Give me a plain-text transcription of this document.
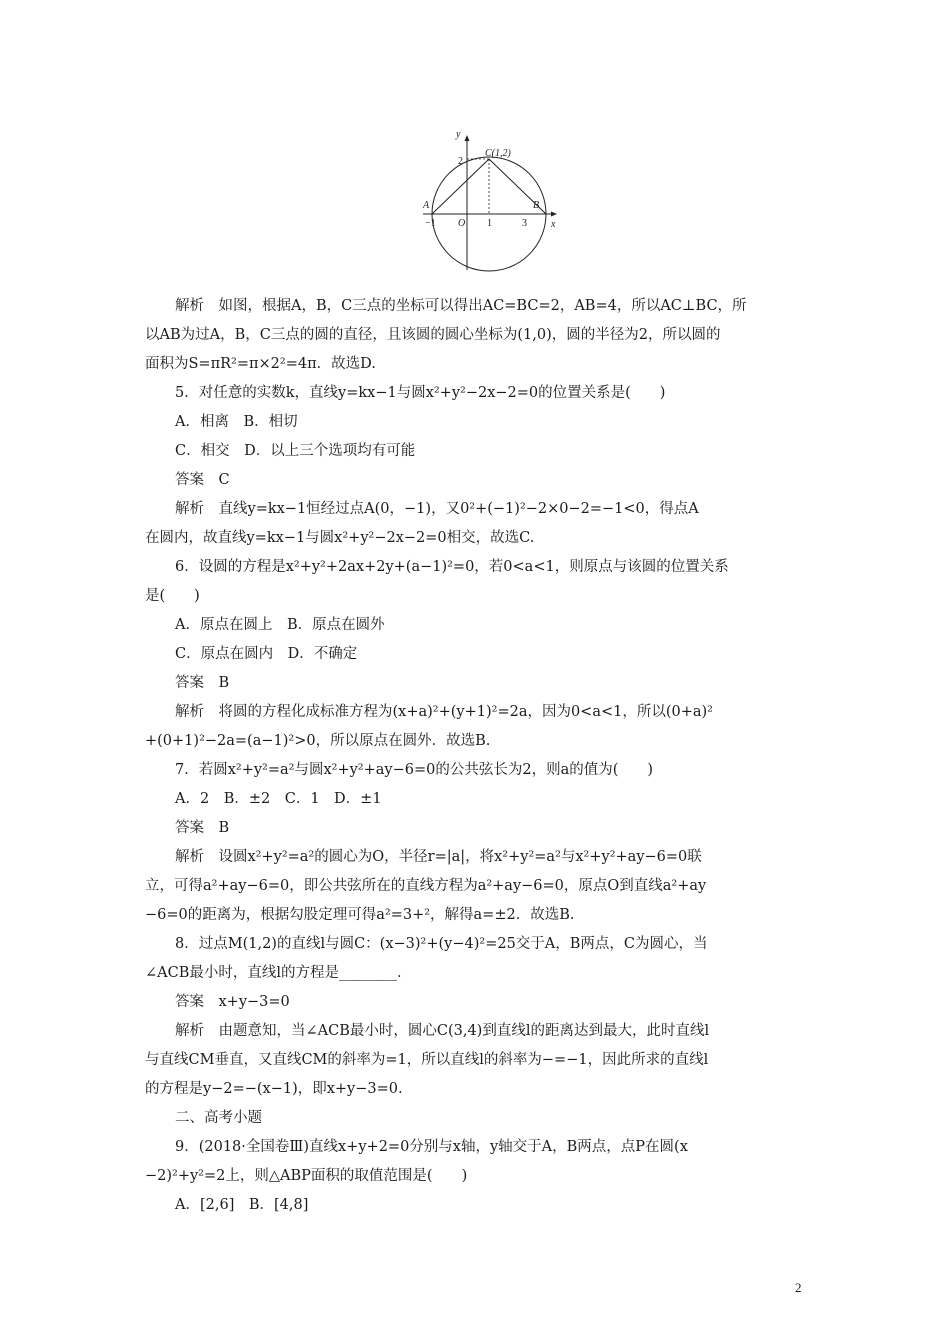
y
x
C(1,2)
2
A	B
−1 O 1	3
解析　如图，根据A，B，C三点的坐标可以得出AC=BC=2，AB=4，所以AC⊥BC，所
以AB为过A，B，C三点的圆的直径，且该圆的圆心坐标为(1,0)，圆的半径为2，所以圆的
面积为S=πR²=π×2²=4π．故选D.
5．对任意的实数k，直线y=kx−1与圆x²+y²−2x−2=0的位置关系是(　　)
A．相离　B．相切
C．相交　D．以上三个选项均有可能
答案　C
解析　直线y=kx−1恒经过点A(0，−1)，又0²+(−1)²−2×0−2=−1<0，得点A
在圆内，故直线y=kx−1与圆x²+y²−2x−2=0相交，故选C.
6．设圆的方程是x²+y²+2ax+2y+(a−1)²=0，若0<a<1，则原点与该圆的位置关系
是(　　)
A．原点在圆上　B．原点在圆外
C．原点在圆内　D．不确定
答案　B
解析　将圆的方程化成标准方程为(x+a)²+(y+1)²=2a，因为0<a<1，所以(0+a)²
+(0+1)²−2a=(a−1)²>0，所以原点在圆外．故选B.
7．若圆x²+y²=a²与圆x²+y²+ay−6=0的公共弦长为2，则a的值为(　　)
A．2　B．±2　C．1　D．±1
答案　B
解析　设圆x²+y²=a²的圆心为O，半径r=|a|，将x²+y²=a²与x²+y²+ay−6=0联
立，可得a²+ay−6=0，即公共弦所在的直线方程为a²+ay−6=0，原点O到直线a²+ay
−6=0的距离为，根据勾股定理可得a²=3+²，解得a=±2．故选B.
8．过点M(1,2)的直线l与圆C：(x−3)²+(y−4)²=25交于A，B两点，C为圆心，当
∠ACB最小时，直线l的方程是________．
答案　x+y−3=0
解析　由题意知，当∠ACB最小时，圆心C(3,4)到直线l的距离达到最大，此时直线l
与直线CM垂直，又直线CM的斜率为=1，所以直线l的斜率为−=−1，因此所求的直线l
的方程是y−2=−(x−1)，即x+y−3=0.
二、高考小题
9．(2018·全国卷Ⅲ)直线x+y+2=0分别与x轴，y轴交于A，B两点，点P在圆(x
−2)²+y²=2上，则△ABP面积的取值范围是(　　)
A．[2,6]　B．[4,8]
2
